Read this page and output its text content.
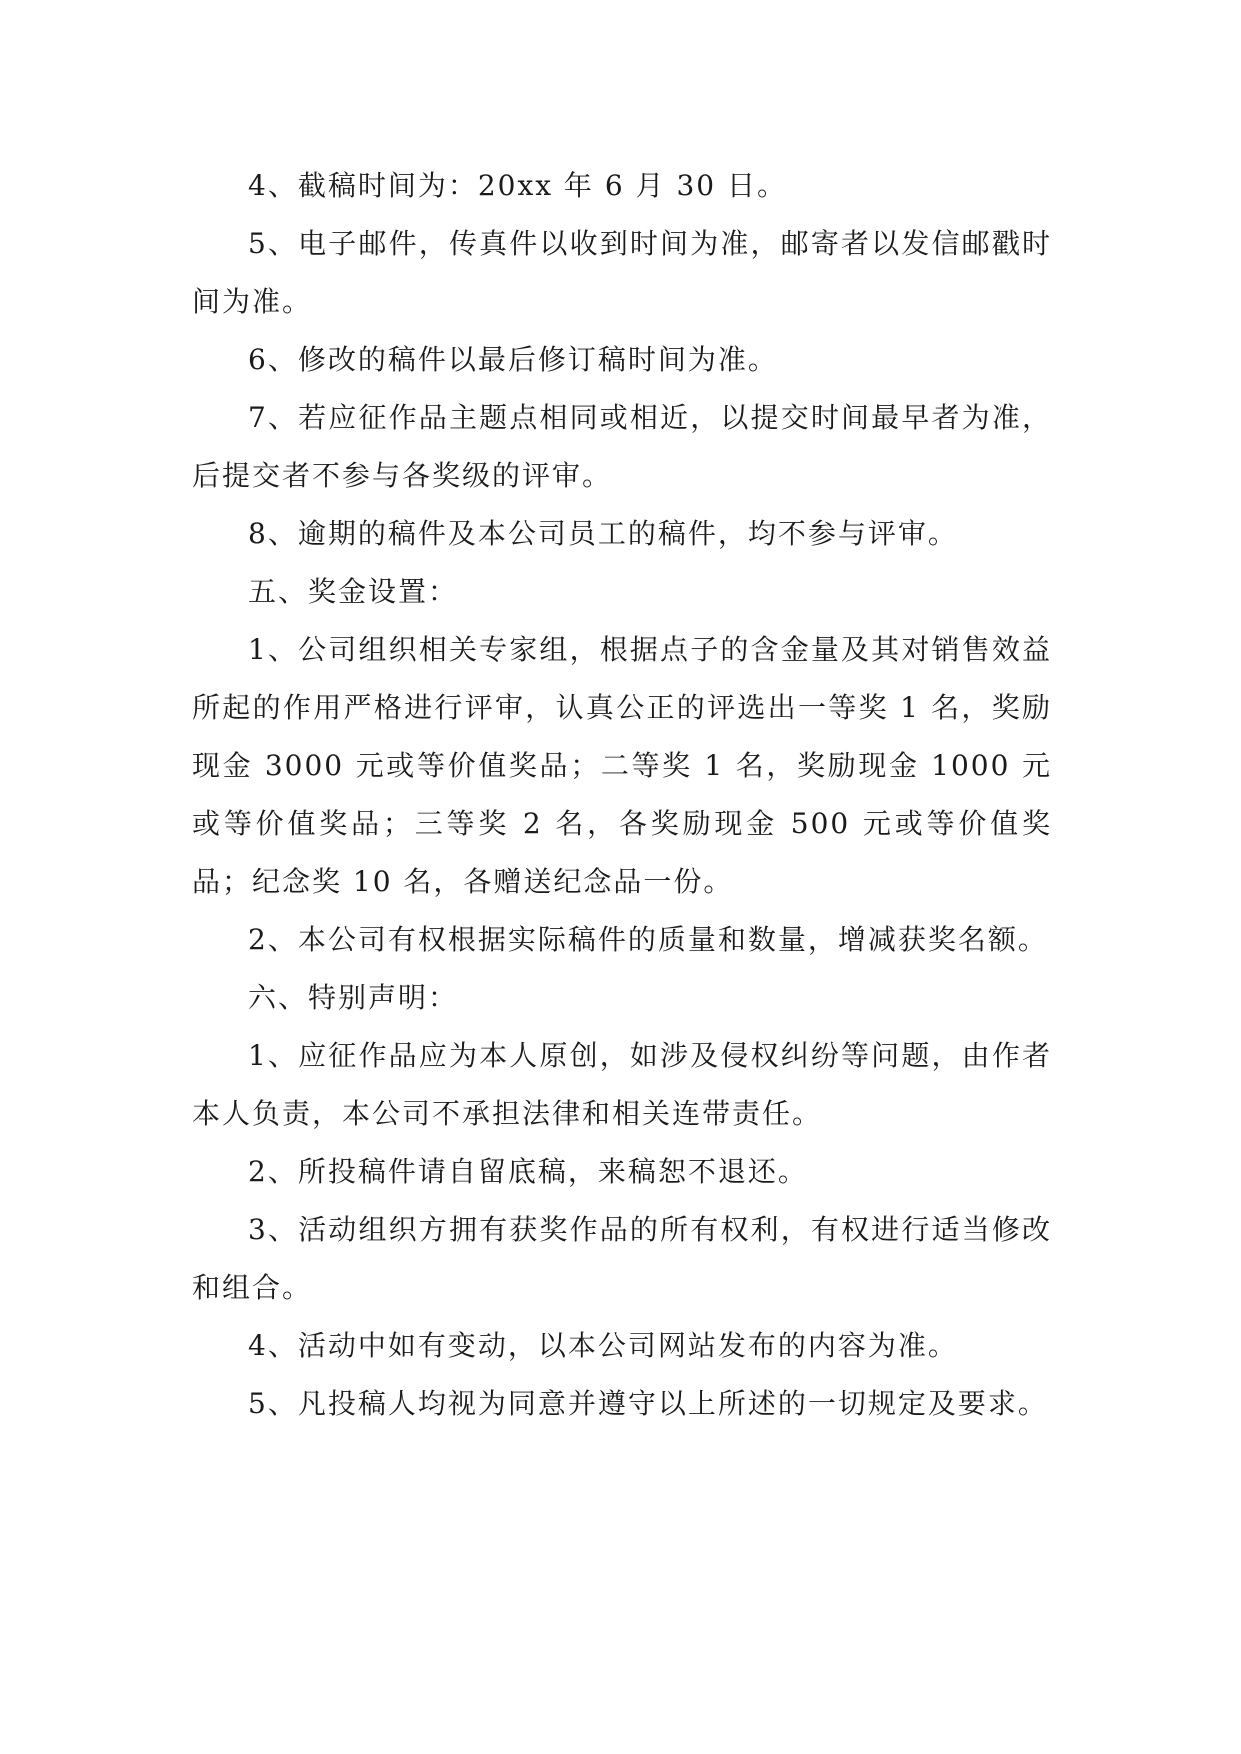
4、截稿时间为：20xx 年 6 月 30 日。

5、电子邮件，传真件以收到时间为准，邮寄者以发信邮戳时间为准。

6、修改的稿件以最后修订稿时间为准。

7、若应征作品主题点相同或相近，以提交时间最早者为准，后提交者不参与各奖级的评审。

8、逾期的稿件及本公司员工的稿件，均不参与评审。

五、奖金设置：

1、公司组织相关专家组，根据点子的含金量及其对销售效益所起的作用严格进行评审，认真公正的评选出一等奖 1 名，奖励现金 3000 元或等价值奖品；二等奖 1 名，奖励现金 1000 元或等价值奖品；三等奖 2 名，各奖励现金 500 元或等价值奖品；纪念奖 10 名，各赠送纪念品一份。

2、本公司有权根据实际稿件的质量和数量，增减获奖名额。

六、特别声明：

1、应征作品应为本人原创，如涉及侵权纠纷等问题，由作者本人负责，本公司不承担法律和相关连带责任。

2、所投稿件请自留底稿，来稿恕不退还。

3、活动组织方拥有获奖作品的所有权利，有权进行适当修改和组合。

4、活动中如有变动，以本公司网站发布的内容为准。

5、凡投稿人均视为同意并遵守以上所述的一切规定及要求。
